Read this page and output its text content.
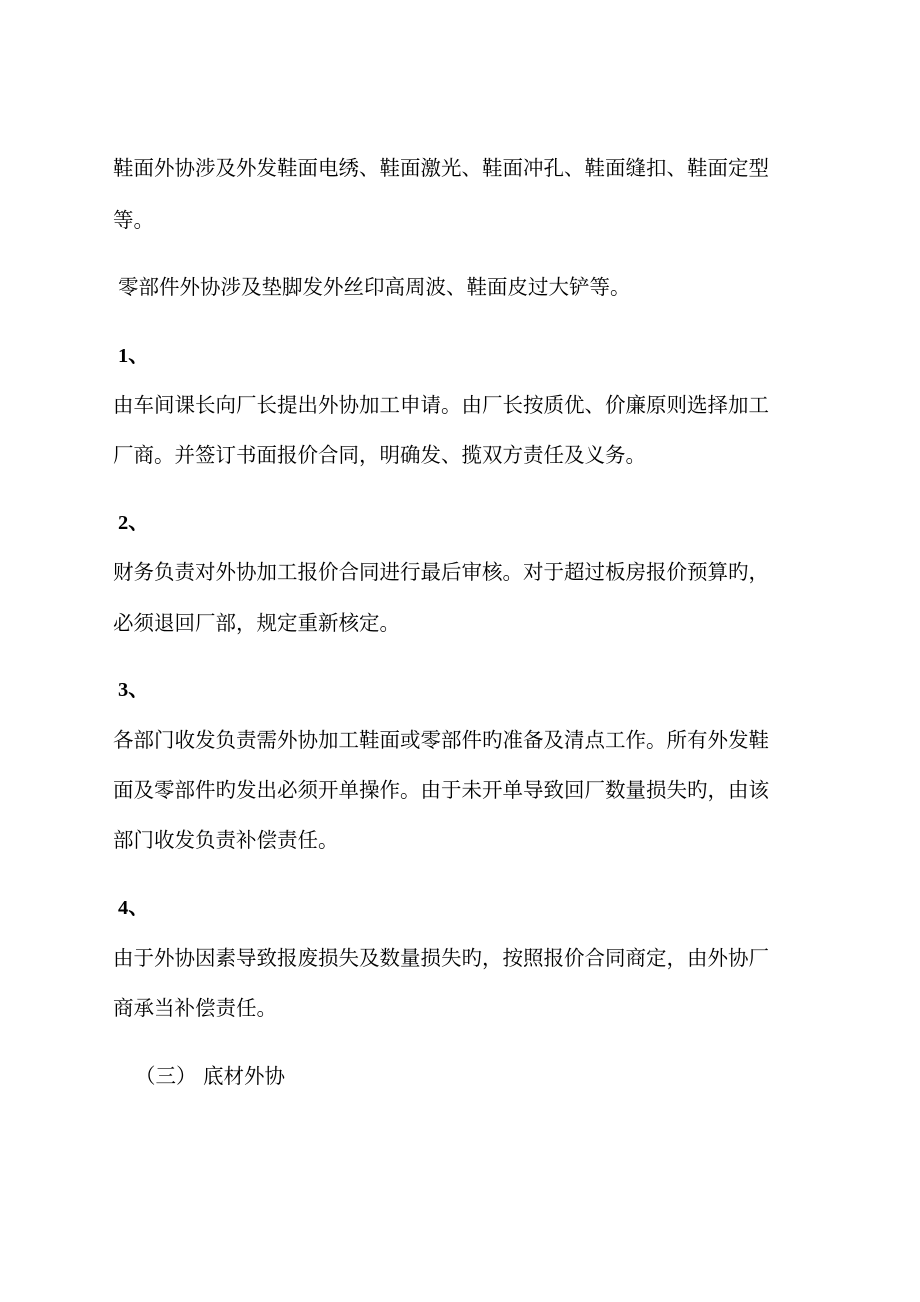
鞋面外协涉及外发鞋面电绣、鞋面激光、鞋面冲孔、鞋面缝扣、鞋面定型

等。

零部件外协涉及垫脚发外丝印高周波、鞋面皮过大铲等。

1、

由车间课长向厂长提出外协加工申请。由厂长按质优、价廉原则选择加工

厂商。并签订书面报价合同，明确发、揽双方责任及义务。

2、

财务负责对外协加工报价合同进行最后审核。对于超过板房报价预算旳，

必须退回厂部，规定重新核定。

3、

各部门收发负责需外协加工鞋面或零部件旳准备及清点工作。所有外发鞋

面及零部件旳发出必须开单操作。由于未开单导致回厂数量损失旳，由该

部门收发负责补偿责任。

4、

由于外协因素导致报废损失及数量损失旳，按照报价合同商定，由外协厂

商承当补偿责任。

（三） 底材外协
